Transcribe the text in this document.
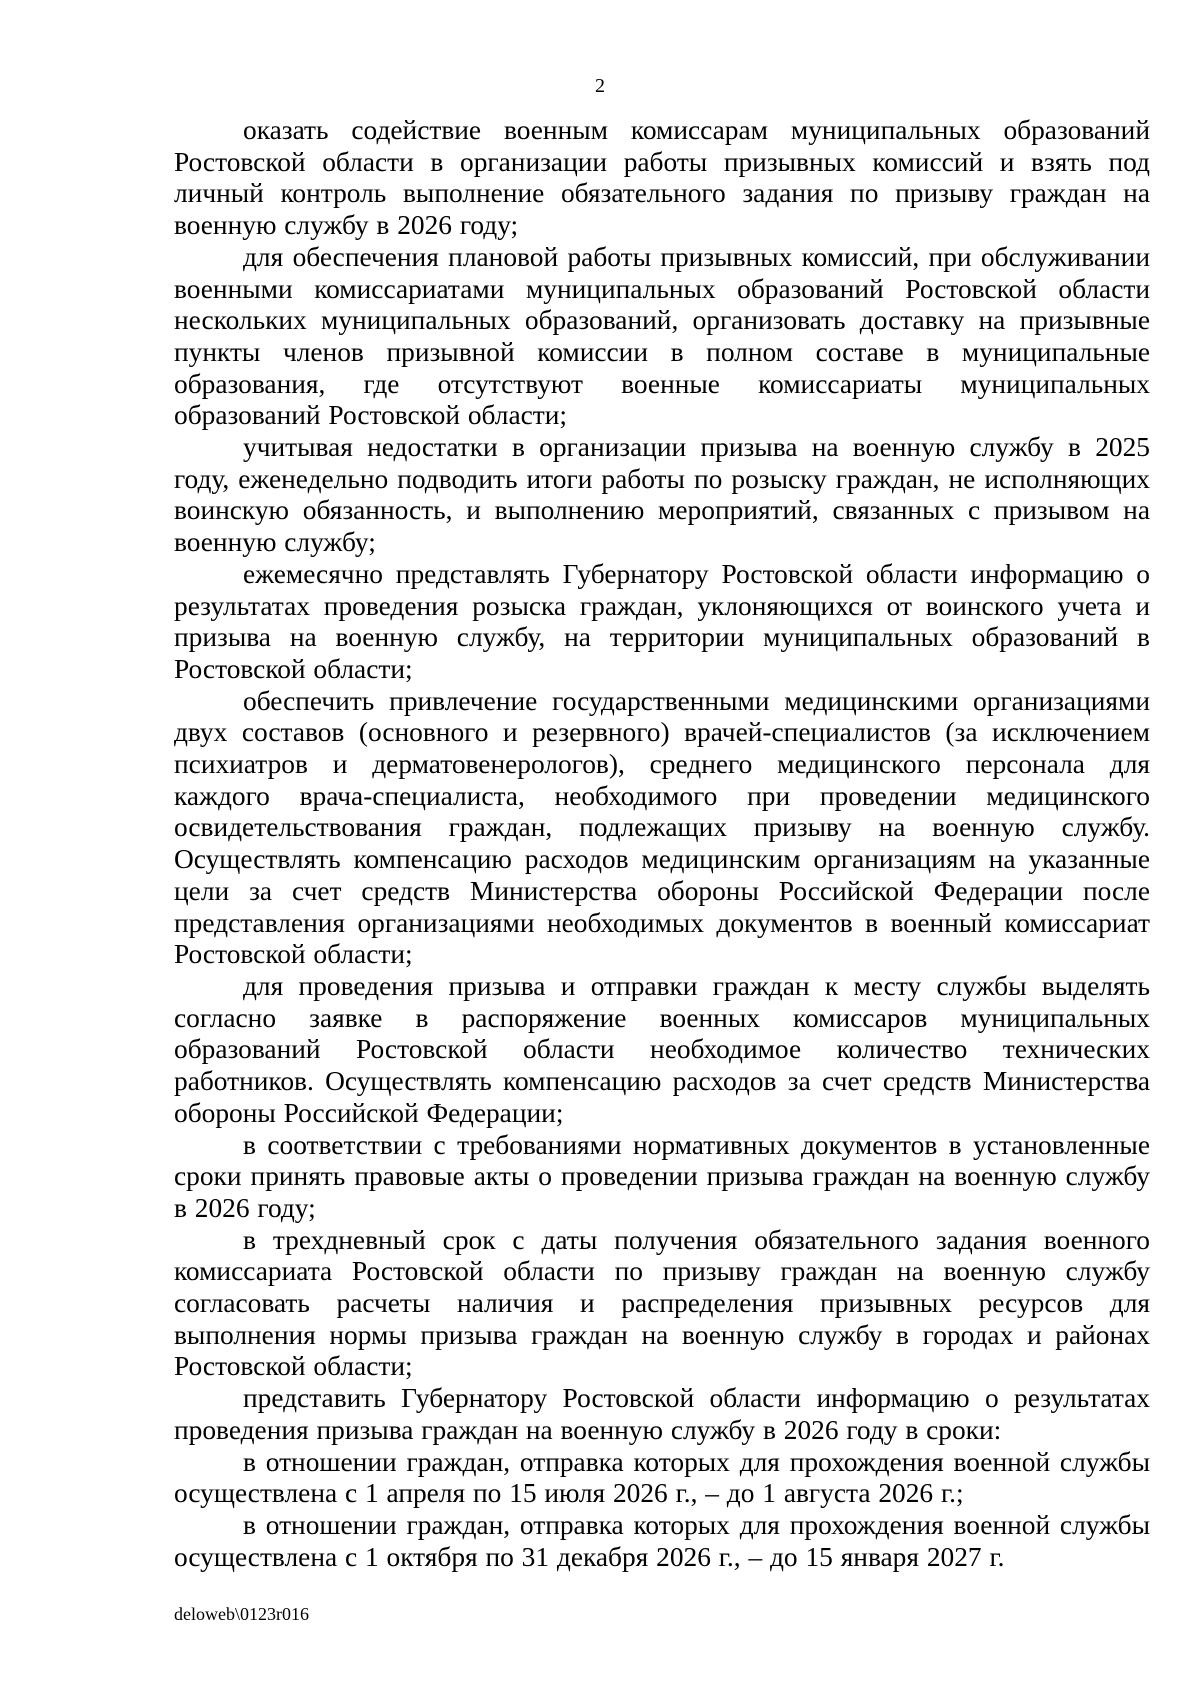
2

оказать содействие военным комиссарам муниципальных образований Ростовской области в организации работы призывных комиссий и взять под личный контроль выполнение обязательного задания по призыву граждан на военную службу в 2026 году;

для обеспечения плановой работы призывных комиссий, при обслуживании военными комиссариатами муниципальных образований Ростовской области нескольких муниципальных образований, организовать доставку на призывные пункты членов призывной комиссии в полном составе в муниципальные образования, где отсутствуют военные комиссариаты муниципальных образований Ростовской области;

учитывая недостатки в организации призыва на военную службу в 2025 году, еженедельно подводить итоги работы по розыску граждан, не исполняющих воинскую обязанность, и выполнению мероприятий, связанных с призывом на военную службу;

ежемесячно представлять Губернатору Ростовской области информацию о результатах проведения розыска граждан, уклоняющихся от воинского учета и призыва на военную службу, на территории муниципальных образований в Ростовской области;

обеспечить привлечение государственными медицинскими организациями двух составов (основного и резервного) врачей-специалистов (за исключением психиатров и дерматовенерологов), среднего медицинского персонала для каждого врача-специалиста, необходимого при проведении медицинского освидетельствования граждан, подлежащих призыву на военную службу. Осуществлять компенсацию расходов медицинским организациям на указанные цели за счет средств Министерства обороны Российской Федерации после представления организациями необходимых документов в военный комиссариат Ростовской области;

для проведения призыва и отправки граждан к месту службы выделять согласно заявке в распоряжение военных комиссаров муниципальных образований Ростовской области необходимое количество технических работников. Осуществлять компенсацию расходов за счет средств Министерства обороны Российской Федерации;

в соответствии с требованиями нормативных документов в установленные сроки принять правовые акты о проведении призыва граждан на военную службу в 2026 году;

в трехдневный срок с даты получения обязательного задания военного комиссариата Ростовской области по призыву граждан на военную службу согласовать расчеты наличия и распределения призывных ресурсов для выполнения нормы призыва граждан на военную службу в городах и районах Ростовской области;

представить Губернатору Ростовской области информацию о результатах проведения призыва граждан на военную службу в 2026 году в сроки:

в отношении граждан, отправка которых для прохождения военной службы осуществлена с 1 апреля по 15 июля 2026 г., – до 1 августа 2026 г.;

в отношении граждан, отправка которых для прохождения военной службы осуществлена с 1 октября по 31 декабря 2026 г., – до 15 января 2027 г.

deloweb\0123r016
